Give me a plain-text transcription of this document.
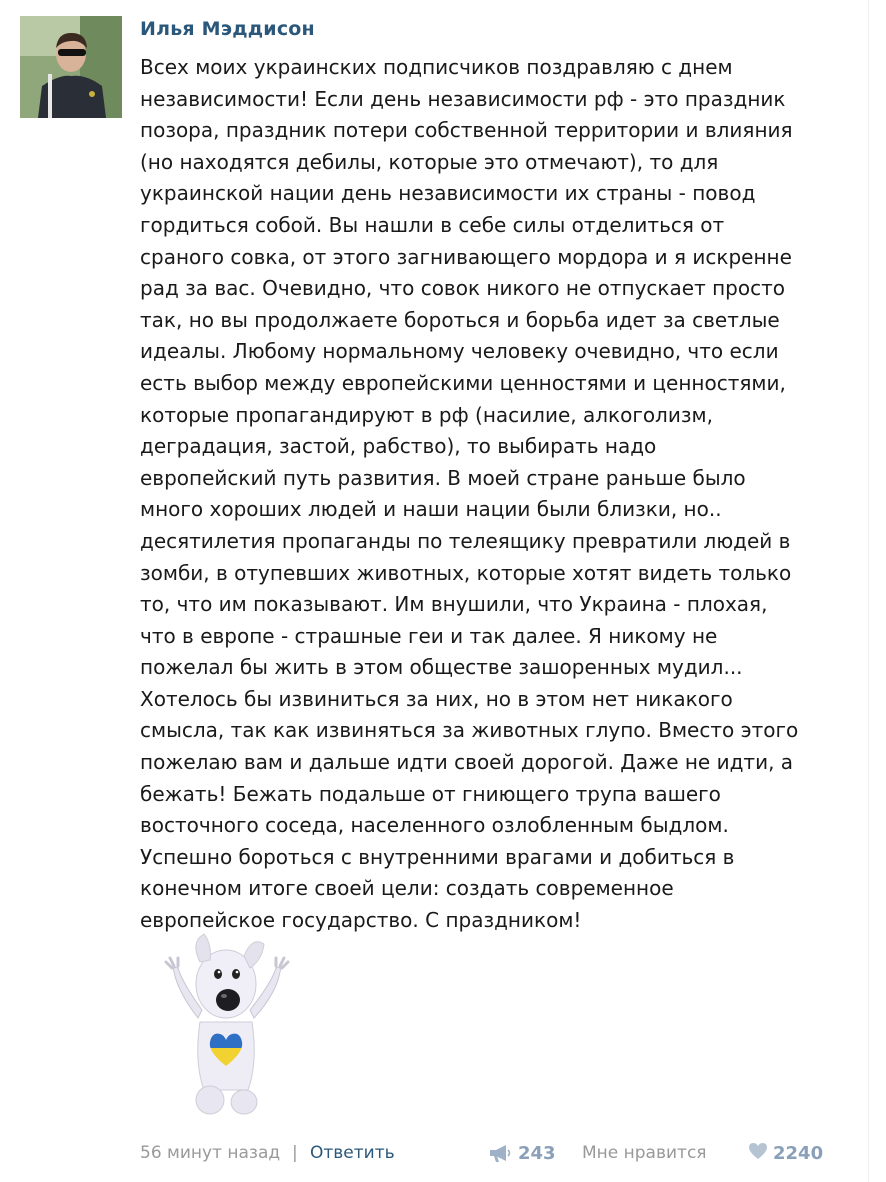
Илья Мэддисон
Всех моих украинских подписчиков поздравляю с днем
независимости! Если день независимости рф - это праздник
позора, праздник потери собственной территории и влияния
(но находятся дебилы, которые это отмечают), то для
украинской нации день независимости их страны - повод
гордиться собой. Вы нашли в себе силы отделиться от
сраного совка, от этого загнивающего мордора и я искренне
рад за вас. Очевидно, что совок никого не отпускает просто
так, но вы продолжаете бороться и борьба идет за светлые
идеалы. Любому нормальному человеку очевидно, что если
есть выбор между европейскими ценностями и ценностями,
которые пропагандируют в рф (насилие, алкоголизм,
деградация, застой, рабство), то выбирать надо
европейский путь развития. В моей стране раньше было
много хороших людей и наши нации были близки, но..
десятилетия пропаганды по телеящику превратили людей в
зомби, в отупевших животных, которые хотят видеть только
то, что им показывают. Им внушили, что Украина - плохая,
что в европе - страшные геи и так далее. Я никому не
пожелал бы жить в этом обществе зашоренных мудил...
Хотелось бы извиниться за них, но в этом нет никакого
смысла, так как извиняться за животных глупо. Вместо этого
пожелаю вам и дальше идти своей дорогой. Даже не идти, а
бежать! Бежать подальше от гниющего трупа вашего
восточного соседа, населенного озлобленным быдлом.
Успешно бороться с внутренними врагами и добиться в
конечном итоге своей цели: создать современное
европейское государство. С праздником!
56 минут назад | Ответить	243 Мне нравится	2240
